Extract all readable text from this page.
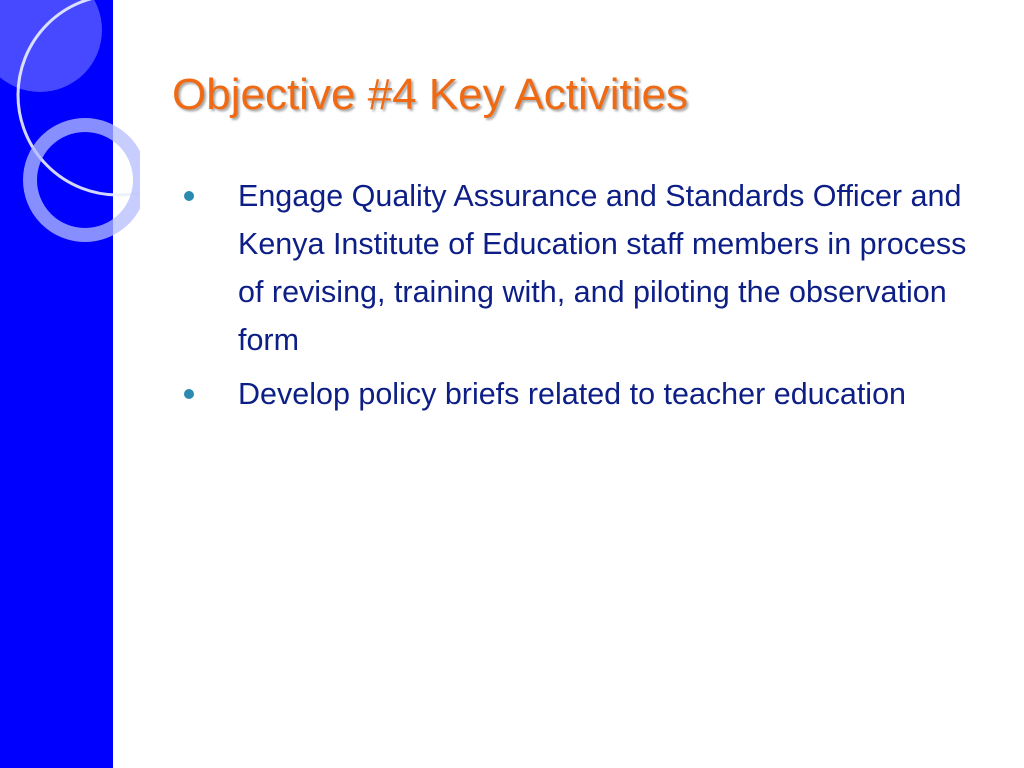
Objective #4 Key Activities
Engage Quality Assurance and Standards Officer and Kenya Institute of Education staff members in process of revising, training with, and piloting the observation form
Develop policy briefs related to teacher education
